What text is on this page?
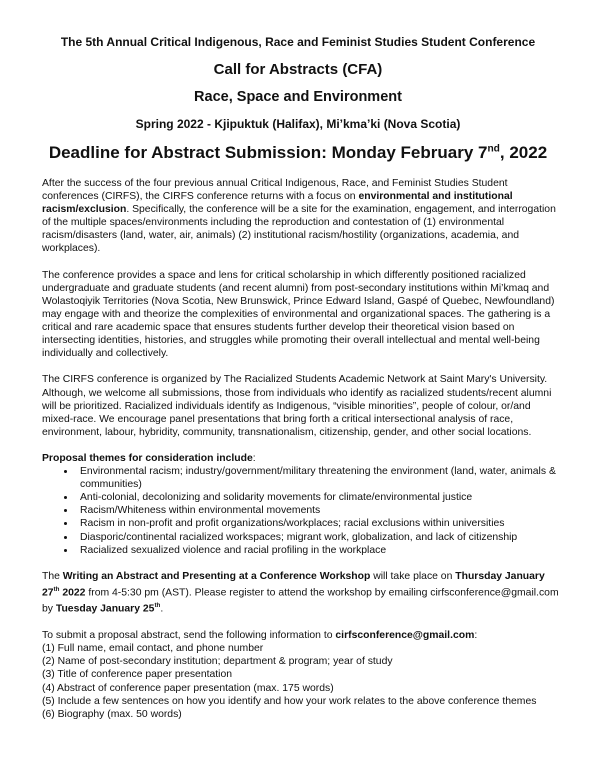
The 5th Annual Critical Indigenous, Race and Feminist Studies Student Conference
Call for Abstracts (CFA)
Race, Space and Environment
Spring 2022 - Kjipuktuk (Halifax), Mi’kma’ki (Nova Scotia)
Deadline for Abstract Submission: Monday February 7nd, 2022

After the success of the four previous annual Critical Indigenous, Race, and Feminist Studies Student conferences (CIRFS), the CIRFS conference returns with a focus on environmental and institutional racism/exclusion. Specifically, the conference will be a site for the examination, engagement, and interrogation of the multiple spaces/environments including the reproduction and contestation of (1) environmental racism/disasters (land, water, air, animals) (2) institutional racism/hostility (organizations, academia, and workplaces).

The conference provides a space and lens for critical scholarship in which differently positioned racialized undergraduate and graduate students (and recent alumni) from post-secondary institutions within Mi’kmaq and Wolastoqiyik Territories (Nova Scotia, New Brunswick, Prince Edward Island, Gaspé of Quebec, Newfoundland) may engage with and theorize the complexities of environmental and organizational spaces. The gathering is a critical and rare academic space that ensures students further develop their theoretical vision based on intersecting identities, histories, and struggles while promoting their overall intellectual and mental well-being individually and collectively.

The CIRFS conference is organized by The Racialized Students Academic Network at Saint Mary's University. Although, we welcome all submissions, those from individuals who identify as racialized students/recent alumni will be prioritized. Racialized individuals identify as Indigenous, “visible minorities”, people of colour, or/and mixed-race. We encourage panel presentations that bring forth a critical intersectional analysis of race, environment, labour, hybridity, community, transnationalism, citizenship, gender, and other social locations.

Proposal themes for consideration include:

• Environmental racism; industry/government/military threatening the environment (land, water, animals & communities)
• Anti-colonial, decolonizing and solidarity movements for climate/environmental justice
• Racism/Whiteness within environmental movements
• Racism in non-profit and profit organizations/workplaces; racial exclusions within universities
• Diasporic/continental racialized workspaces; migrant work, globalization, and lack of citizenship
• Racialized sexualized violence and racial profiling in the workplace

The Writing an Abstract and Presenting at a Conference Workshop will take place on Thursday January 27th 2022 from 4-5:30 pm (AST). Please register to attend the workshop by emailing cirfsconference@gmail.com by Tuesday January 25th.

To submit a proposal abstract, send the following information to cirfsconference@gmail.com:
(1) Full name, email contact, and phone number
(2) Name of post-secondary institution; department & program; year of study
(3) Title of conference paper presentation
(4) Abstract of conference paper presentation (max. 175 words)
(5) Include a few sentences on how you identify and how your work relates to the above conference themes
(6) Biography (max. 50 words)
